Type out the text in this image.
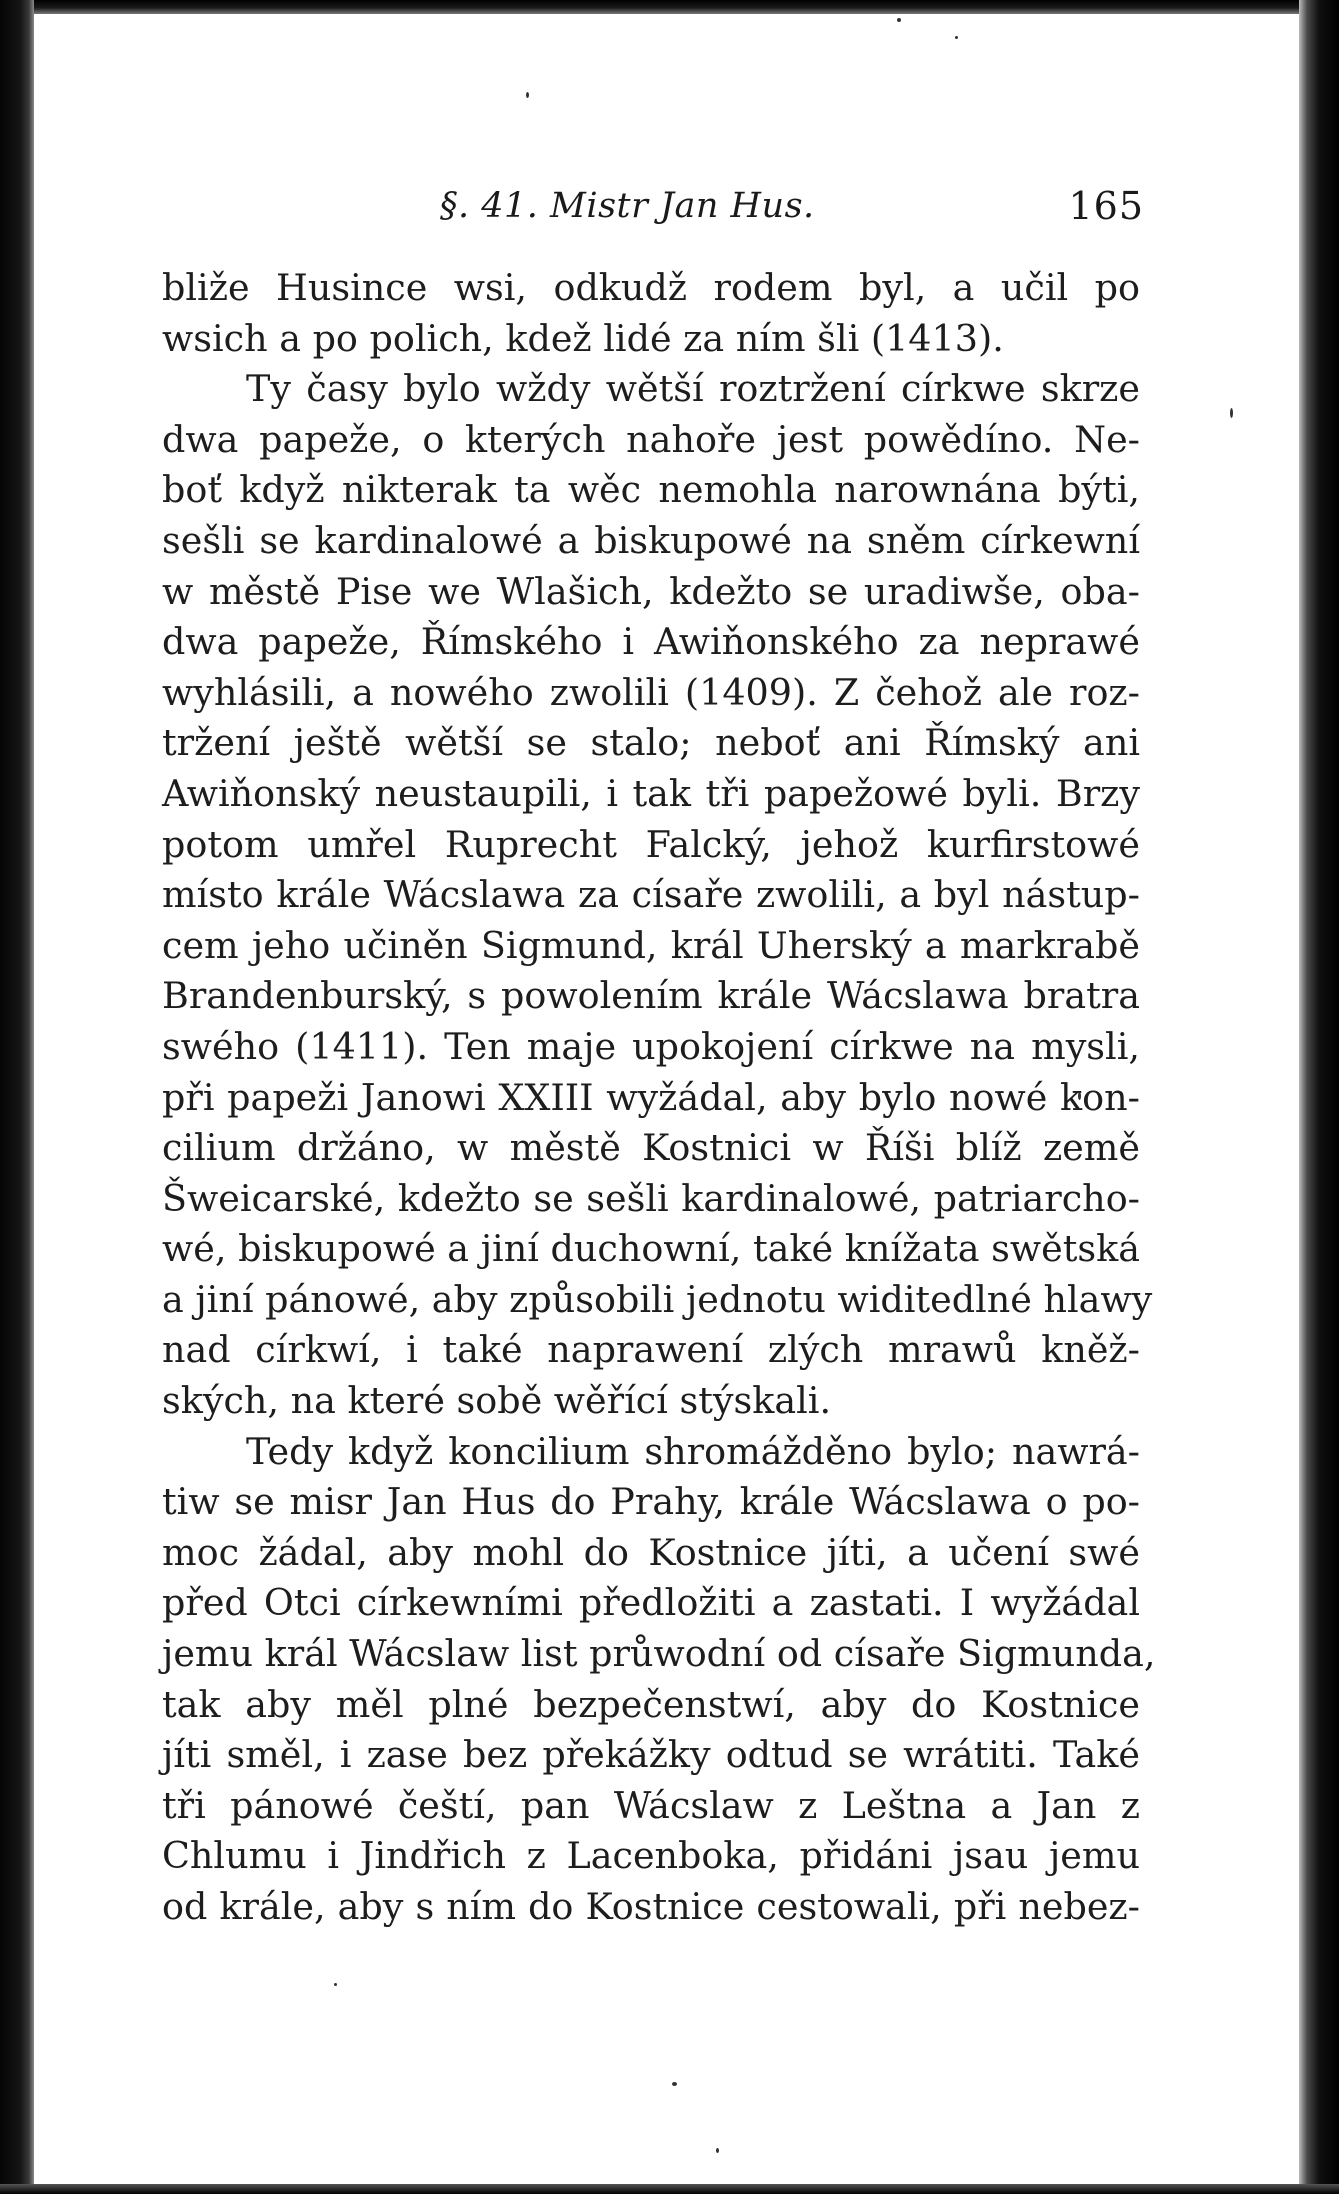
§. 41. Mistr Jan Hus.	165
bliže Husince wsi, odkudž rodem byl, a učil po
wsich a po polich, kdež lidé za ním šli (1413).
Ty časy bylo wždy wětší roztržení církwe skrze
dwa papeže, o kterých nahoře jest powědíno. Ne-
boť když nikterak ta wěc nemohla narownána býti,
sešli se kardinalowé a biskupowé na sněm církewní
w městě Pise we Wlašich, kdežto se uradiwše, oba-
dwa papeže, Římského i Awiňonského za neprawé
wyhlásili, a nowého zwolili (1409). Z čehož ale roz-
tržení ještě wětší se stalo; neboť ani Římský ani
Awiňonský neustaupili, i tak tři papežowé byli. Brzy
potom umřel Ruprecht Falcký, jehož kurfirstowé
místo krále Wácslawa za císaře zwolili, a byl nástup-
cem jeho učiněn Sigmund, král Uherský a markrabě
Brandenburský, s powolením krále Wácslawa bratra
swého (1411). Ten maje upokojení církwe na mysli,
při papeži Janowi XXIII wyžádal, aby bylo nowé kon-
cilium držáno, w městě Kostnici w Říši blíž země
Šweicarské, kdežto se sešli kardinalowé, patriarcho-
wé, biskupowé a jiní duchowní, také knížata swětská
a jiní pánowé, aby způsobili jednotu widitedlné hlawy
nad církwí, i také naprawení zlých mrawů kněž-
ských, na které sobě wěřící stýskali.
Tedy když koncilium shromážděno bylo; nawrá-
tiw se misr Jan Hus do Prahy, krále Wácslawa o po-
moc žádal, aby mohl do Kostnice jíti, a učení swé
před Otci církewními předložiti a zastati. I wyžádal
jemu král Wácslaw list průwodní od císaře Sigmunda,
tak aby měl plné bezpečenstwí, aby do Kostnice
jíti směl, i zase bez překážky odtud se wrátiti. Také
tři pánowé čeští, pan Wácslaw z Leštna a Jan z
Chlumu i Jindřich z Lacenboka, přidáni jsau jemu
od krále, aby s ním do Kostnice cestowali, při nebez-
